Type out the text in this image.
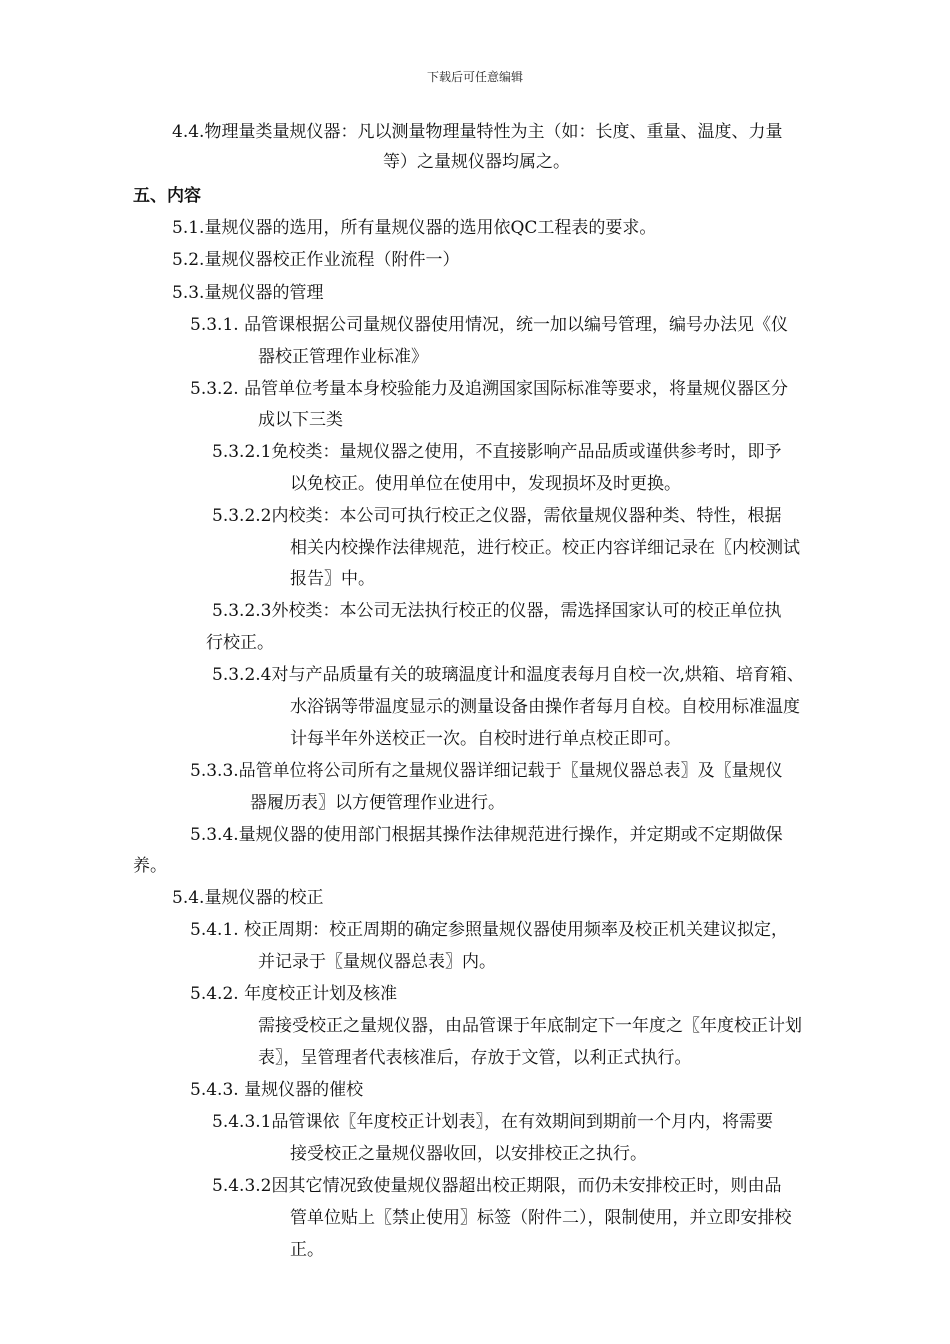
下载后可任意编辑
4.4.物理量类量规仪器：凡以测量物理量特性为主（如：长度、重量、温度、力量
等）之量规仪器均属之。
五、内容
5.1.量规仪器的选用，所有量规仪器的选用依QC工程表的要求。
5.2.量规仪器校正作业流程（附件一）
5.3.量规仪器的管理
5.3.1. 品管课根据公司量规仪器使用情况，统一加以编号管理，编号办法见《仪
器校正管理作业标准》
5.3.2. 品管单位考量本身校验能力及追溯国家国际标准等要求，将量规仪器区分
成以下三类
5.3.2.1免校类：量规仪器之使用，不直接影响产品品质或谨供参考时，即予
以免校正。使用单位在使用中，发现损坏及时更换。
5.3.2.2内校类：本公司可执行校正之仪器，需依量规仪器种类、特性，根据
相关内校操作法律规范，进行校正。校正内容详细记录在〖内校测试
报告〗中。
5.3.2.3外校类：本公司无法执行校正的仪器，需选择国家认可的校正单位执
行校正。
5.3.2.4对与产品质量有关的玻璃温度计和温度表每月自校一次,烘箱、培育箱、
水浴锅等带温度显示的测量设备由操作者每月自校。自校用标准温度
计每半年外送校正一次。自校时进行单点校正即可。
5.3.3.品管单位将公司所有之量规仪器详细记载于〖量规仪器总表〗及〖量规仪
器履历表〗以方便管理作业进行。
5.3.4.量规仪器的使用部门根据其操作法律规范进行操作，并定期或不定期做保
养。
5.4.量规仪器的校正
5.4.1. 校正周期：校正周期的确定参照量规仪器使用频率及校正机关建议拟定，
并记录于〖量规仪器总表〗内。
5.4.2. 年度校正计划及核准
需接受校正之量规仪器，由品管课于年底制定下一年度之〖年度校正计划
表〗，呈管理者代表核准后，存放于文管，以利正式执行。
5.4.3. 量规仪器的催校
5.4.3.1品管课依〖年度校正计划表〗，在有效期间到期前一个月内，将需要
接受校正之量规仪器收回，以安排校正之执行。
5.4.3.2因其它情况致使量规仪器超出校正期限，而仍未安排校正时，则由品
管单位贴上〖禁止使用〗标签（附件二），限制使用，并立即安排校
正。
